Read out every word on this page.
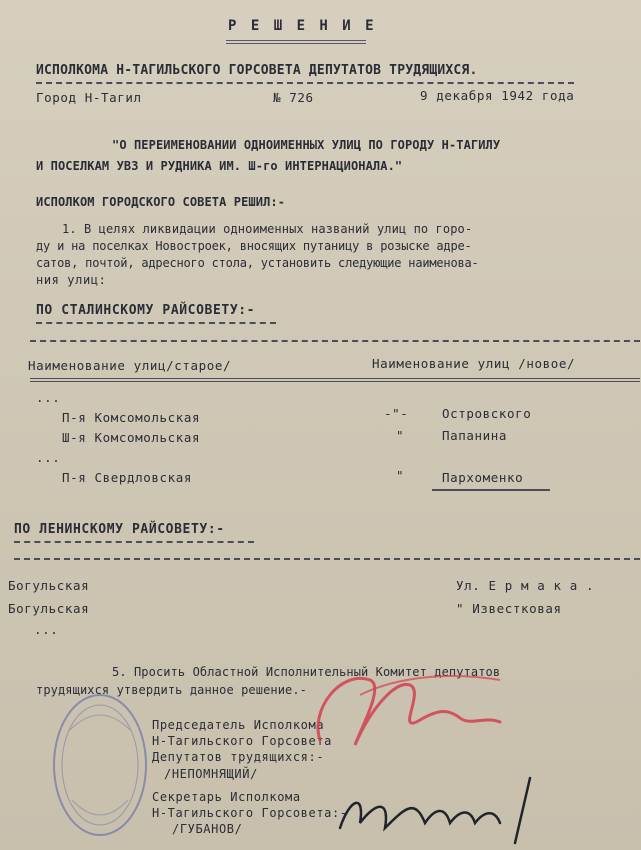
Р Е Ш Е Н И Е
ИСПОЛКОМА Н-ТАГИЛЬСКОГО ГОРСОВЕТА ДЕПУТАТОВ ТРУДЯЩИХСЯ.
Город Н-Тагил	№ 726	9 декабря 1942 года
"О ПЕРЕИМЕНОВАНИИ ОДНОИМЕННЫХ УЛИЦ ПО ГОРОДУ Н-ТАГИЛУ
И ПОСЕЛКАМ УВЗ И РУДНИКА ИМ. Ш-го ИНТЕРНАЦИОНАЛА."
ИСПОЛКОМ ГОРОДСКОГО СОВЕТА РЕШИЛ:-
1. В целях ликвидации одноименных названий улиц по горо-
ду и на поселках Новостроек, вносящих путаницу в розыске адре-
сатов, почтой, адресного стола, установить следующие наименова-
ния улиц:
ПО СТАЛИНСКОМУ РАЙСОВЕТУ:-
Наименование улиц/старое/	Наименование улиц /новое/
...
П-я Комсомольская	-"-	Островского
Ш-я Комсомольская	"	Папанина
...
П-я Свердловская	"	Пархоменко
ПО ЛЕНИНСКОМУ РАЙСОВЕТУ:-
Богульская	Ул. Е р м а к а .
Богульская	" Известковая
...
5. Просить Областной Исполнительный Комитет депутатов
трудящихся утвердить данное решение.-
Председатель Исполкома
Н-Тагильского Горсовета
Депутатов трудящихся:-
/НЕПОМНЯЩИЙ/
Секретарь Исполкома
Н-Тагильского Горсовета:-
/ГУБАНОВ/
